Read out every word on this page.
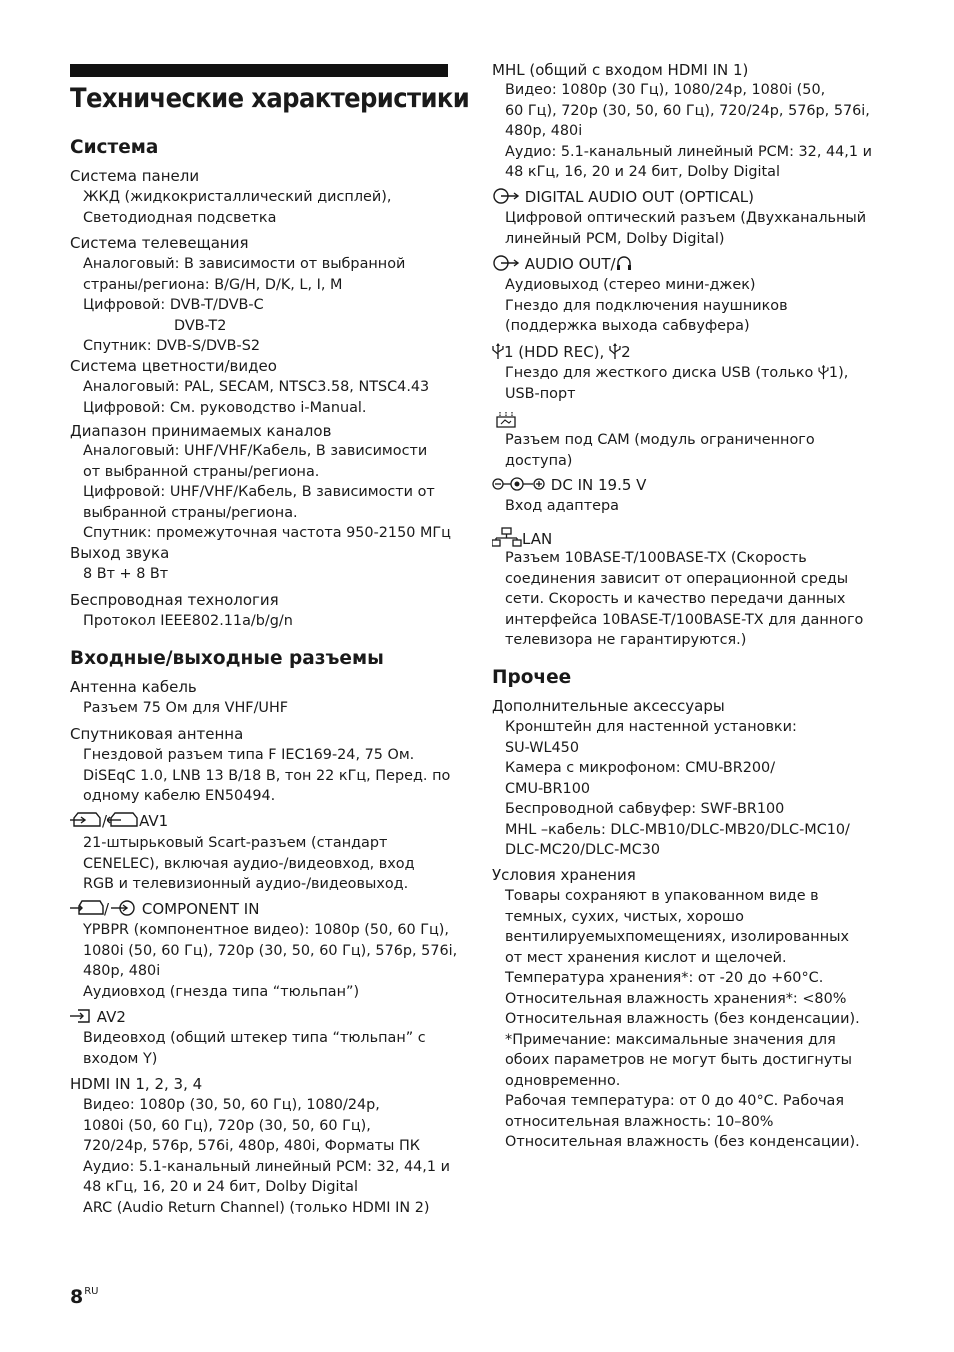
Технические характеристики
Система
Система панели
ЖКД (жидкокристаллический дисплей),
Светодиодная подсветка
Система телевещания
Аналоговый: В зависимости от выбранной
страны/региона: B/G/H, D/K, L, I, M
Цифровой: DVB-T/DVB-C
DVB-T2
Спутник: DVB-S/DVB-S2
Система цветности/видео
Аналоговый: PAL, SECAM, NTSC3.58, NTSC4.43
Цифровой: См. руководство i-Manual.
Диапазон принимаемых каналов
Аналоговый: UHF/VHF/Кабель, В зависимости
от выбранной страны/региона.
Цифровой: UHF/VHF/Кабель, В зависимости от
выбранной страны/региона.
Спутник: промежуточная частота 950-2150 МГц
Выход звука
8 Вт + 8 Вт
Беспроводная технология
Протокол IEEE802.11a/b/g/n
Входные/выходные разъемы
Антенна кабель
Разъем 75 Ом для VHF/UHF
Спутниковая антенна
Гнездовой разъем типа F IEC169-24, 75 Ом.
DiSEqC 1.0, LNB 13 В/18 В, тон 22 кГц, Перед. по
одному кабелю EN50494.
/ AV1
21-штырьковый Scart-разъем (стандарт
CENELEC), включая аудио-/видеовход, вход
RGB и телевизионный аудио-/видеовыход.
/ COMPONENT IN
YPBPR (компонентное видео): 1080p (50, 60 Гц),
1080i (50, 60 Гц), 720p (30, 50, 60 Гц), 576p, 576i,
480p, 480i
Аудиовход (гнезда типа “тюльпан”)
AV2
Видеовход (общий штекер типа “тюльпан” с
входом Y)
HDMI IN 1, 2, 3, 4
Видео: 1080p (30, 50, 60 Гц), 1080/24p,
1080i (50, 60 Гц), 720p (30, 50, 60 Гц),
720/24p, 576p, 576i, 480p, 480i, Форматы ПК
Аудио: 5.1-канальный линейный PCM: 32, 44,1 и
48 кГц, 16, 20 и 24 бит, Dolby Digital
ARC (Audio Return Channel) (только HDMI IN 2)
MHL (общий с входом HDMI IN 1)
Видео: 1080p (30 Гц), 1080/24p, 1080i (50,
60 Гц), 720p (30, 50, 60 Гц), 720/24p, 576p, 576i,
480p, 480i
Аудио: 5.1-канальный линейный PCM: 32, 44,1 и
48 кГц, 16, 20 и 24 бит, Dolby Digital
DIGITAL AUDIO OUT (OPTICAL)
Цифровой оптический разъем (Двухканальный
линейный PCM, Dolby Digital)
AUDIO OUT/
Аудиовыход (стерео мини-джек)
Гнездо для подключения наушников
(поддержка выхода сабвуфера)
1 (HDD REC), 2
Гнездо для жесткого диска USB (только 1),
USB-порт
Разъем под CAM (модуль ограниченного
доступа)
DC IN 19.5 V
Вход адаптера
LAN
Разъем 10BASE-T/100BASE-TX (Скорость
соединения зависит от операционной среды
сети. Скорость и качество передачи данных
интерфейса 10BASE-T/100BASE-TX для данного
телевизора не гарантируются.)
Прочее
Дополнительные аксессуары
Кронштейн для настенной установки:
SU-WL450
Камера с микрофоном: CMU-BR200/
CMU-BR100
Беспроводной сабвуфер: SWF-BR100
MHL –кабель: DLC-MB10/DLC-MB20/DLC-MC10/
DLC-MC20/DLC-MC30
Условия хранения
Товары сохраняют в упакованном виде в
темных, сухих, чистых, хорошо
вентилируемыхпомещениях, изолированных
от мест хранения кислот и щелочей.
Температура хранения*: от -20 до +60°C.
Относительная влажность хранения*: <80%
Относительная влажность (без конденсации).
*Примечание: максимальные значения для
обоих параметров не могут быть достигнуты
одновременно.
Рабочая температура: от 0 до 40°C. Рабочая
относительная влажность: 10–80%
Относительная влажность (без конденсации).
$8^{RU}$
